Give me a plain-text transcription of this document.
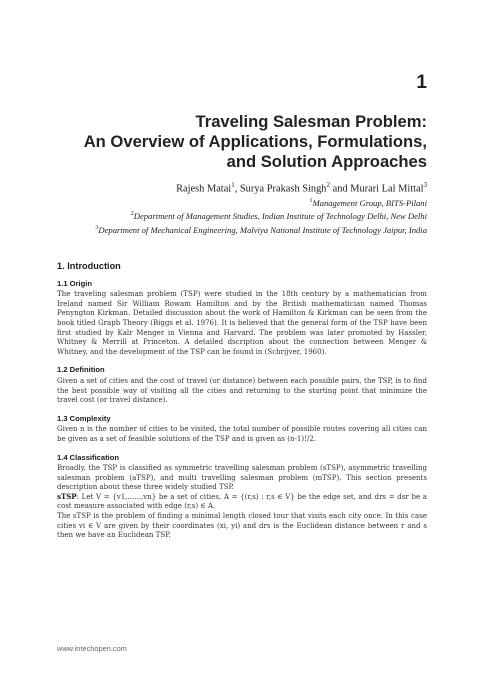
1
Traveling Salesman Problem:
An Overview of Applications, Formulations,
and Solution Approaches
Rajesh Matai$^1$, Surya Prakash Singh$^2$ and Murari Lal Mittal$^3$
$^1$Management Group, BITS-Pilani
$^2$Department of Management Studies, Indian Institute of Technology Delhi, New Delhi
$^3$Department of Mechanical Engineering, Malviya National Institute of Technology Jaipur, India
1. Introduction
1.1 Origin

The traveling salesman problem (TSP) were studied in the 18th century by a mathematician from Ireland named Sir William Rowam Hamilton and by the British mathematician named Thomas Penyngton Kirkman. Detailed discussion about the work of Hamilton & Kirkman can be seen from the book titled Graph Theory (Biggs et al. 1976). It is believed that the general form of the TSP have been first studied by Kalr Menger in Vienna and Harvard. The problem was later promoted by Hassler, Whitney & Merrill at Princeton. A detailed dscription about the connection between Menger & Whitney, and the development of the TSP can be found in (Schrijver, 1960).

1.2 Definition

Given a set of cities and the cost of travel (or distance) between each possible pairs, the TSP, is to find the best possible way of visiting all the cities and returning to the starting point that minimize the travel cost (or travel distance).

1.3 Complexity

Given n is the number of cities to be visited, the total number of possible routes covering all cities can be given as a set of feasible solutions of the TSP and is given as (n-1)!/2.

1.4 Classification

Broadly, the TSP is classified as symmetric travelling salesman problem (sTSP), asymmetric travelling salesman problem (aTSP), and multi travelling salesman problem (mTSP). This section presents description about these three widely studied TSP.

sTSP: Let V = {v1,......,vn} be a set of cities, A = {(r,s) : r,s ∈ V} be the edge set, and drs = dsr be a cost measure associated with edge (r,s) ∈ A.

The sTSP is the problem of finding a minimal length closed tour that visits each city once. In this case cities vi ∈ V are given by their coordinates (xi, yi) and drs is the Euclidean distance between r and s then we have an Euclidean TSP.

www.intechopen.com
